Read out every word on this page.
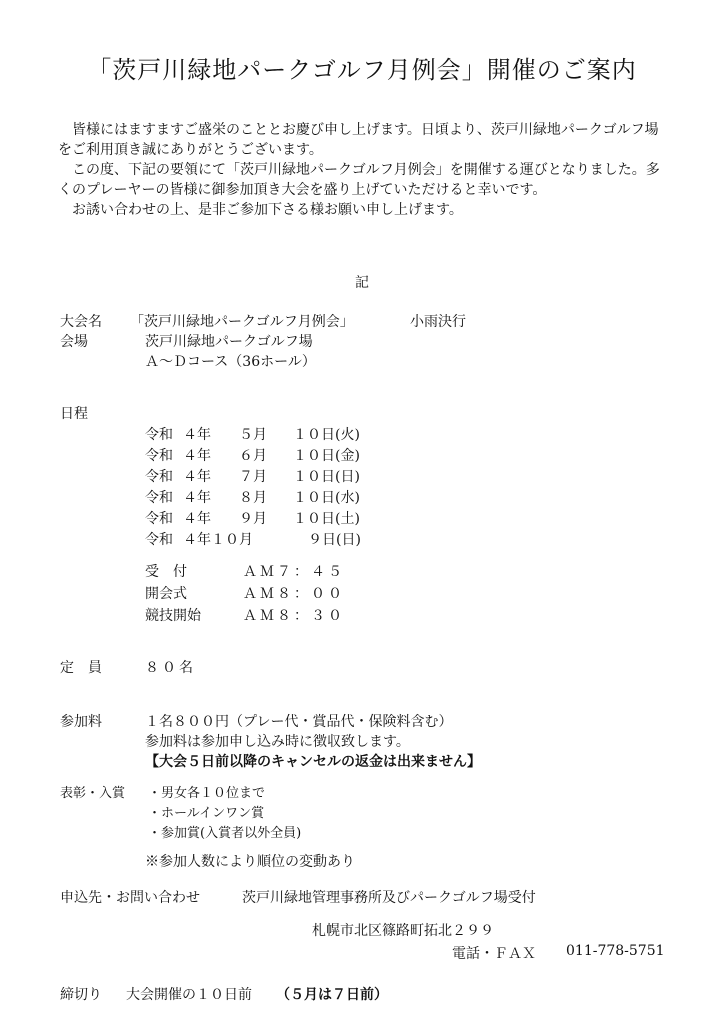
「茨戸川緑地パークゴルフ月例会」開催のご案内

皆様にはますますご盛栄のこととお慶び申し上げます。日頃より、茨戸川緑地パークゴルフ場をご利用頂き誠にありがとうございます。

この度、下記の要領にて「茨戸川緑地パークゴルフ月例会」を開催する運びとなりました。多くのプレーヤーの皆様に御参加頂き大会を盛り上げていただけると幸いです。

お誘い合わせの上、是非ご参加下さる様お願い申し上げます。

記
大会名 「茨戸川緑地パークゴルフ月例会」	小雨決行
会場	茨戸川緑地パークゴルフ場
Ａ～Ｄコース（36ホール）
日程
令和 ４年 ５月 １０日(火)
令和 ４年 ６月 １０日(金)
令和 ４年 ７月 １０日(日)
令和 ４年 ８月 １０日(水)
令和 ４年 ９月 １０日(土)
令和 ４年１０月	９日(日)
受　付	ＡＭ７：４５
開会式	ＡＭ８：００
競技開始	ＡＭ８：３０
定　員	８０名
参加料	１名８００円（プレー代・賞品代・保険料含む）
参加料は参加申し込み時に徴収致します。
【大会５日前以降のキャンセルの返金は出来ません】
表彰・入賞 ・男女各１０位まで
・ホールインワン賞
・参加賞(入賞者以外全員)
※参加人数により順位の変動あり
申込先・お問い合わせ	茨戸川緑地管理事務所及びパークゴルフ場受付
札幌市北区篠路町拓北２９９
電話・ＦＡＸ 011-778-5751
締切り 大会開催の１０日前 （５月は７日前）
